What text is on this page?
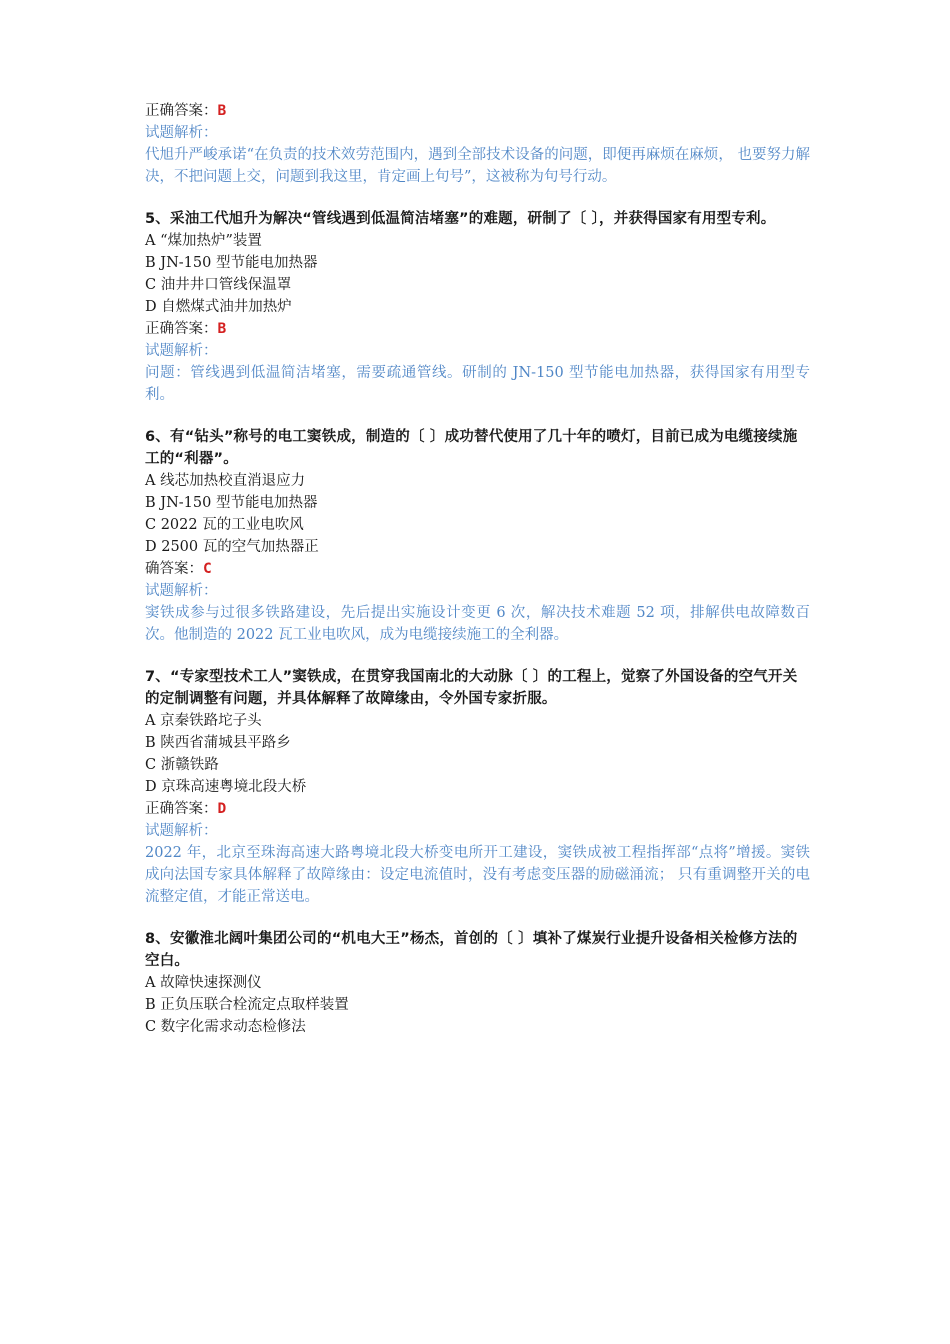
正确答案：B
试题解析：
代旭升严峻承诺“在负责的技术效劳范围内，遇到全部技术设备的问题，即便再麻烦在麻烦， 也要努力解决，不把问题上交，问题到我这里，肯定画上句号”，这被称为句号行动。
5、采油工代旭升为解决“管线遇到低温简洁堵塞”的难题，研制了〔 〕，并获得国家有用型专利。
A “煤加热炉”装置
B JN-150 型节能电加热器
C 油井井口管线保温罩
D 自燃煤式油井加热炉
正确答案：B
试题解析：
问题：管线遇到低温简洁堵塞，需要疏通管线。研制的 JN-150 型节能电加热器，获得国家有用型专利。
6、有“钻头”称号的电工窦铁成，制造的〔 〕成功替代使用了几十年的喷灯，目前已成为电缆接续施工的“利器”。
A 线芯加热校直消退应力
B JN-150 型节能电加热器
C 2022 瓦的工业电吹风
D 2500 瓦的空气加热器正
确答案：C
试题解析：
窦铁成参与过很多铁路建设，先后提出实施设计变更 6 次，解决技术难题 52 项，排解供电故障数百次。他制造的 2022 瓦工业电吹风，成为电缆接续施工的全利器。
7、“专家型技术工人”窦铁成，在贯穿我国南北的大动脉〔 〕的工程上，觉察了外国设备的空气开关的定制调整有问题，并具体解释了故障缘由，令外国专家折服。
A 京秦铁路坨子头
B 陕西省蒲城县平路乡
C 浙赣铁路
D 京珠高速粤境北段大桥
正确答案：D
试题解析：
2022 年，北京至珠海高速大路粤境北段大桥变电所开工建设，窦铁成被工程指挥部“点将”增援。窦铁成向法国专家具体解释了故障缘由：设定电流值时，没有考虑变压器的励磁涌流； 只有重调整开关的电流整定值，才能正常送电。
8、安徽淮北阔叶集团公司的“机电大王”杨杰，首创的〔 〕填补了煤炭行业提升设备相关检修方法的空白。
A 故障快速探测仪
B 正负压联合栓流定点取样装置
C 数字化需求动态检修法
